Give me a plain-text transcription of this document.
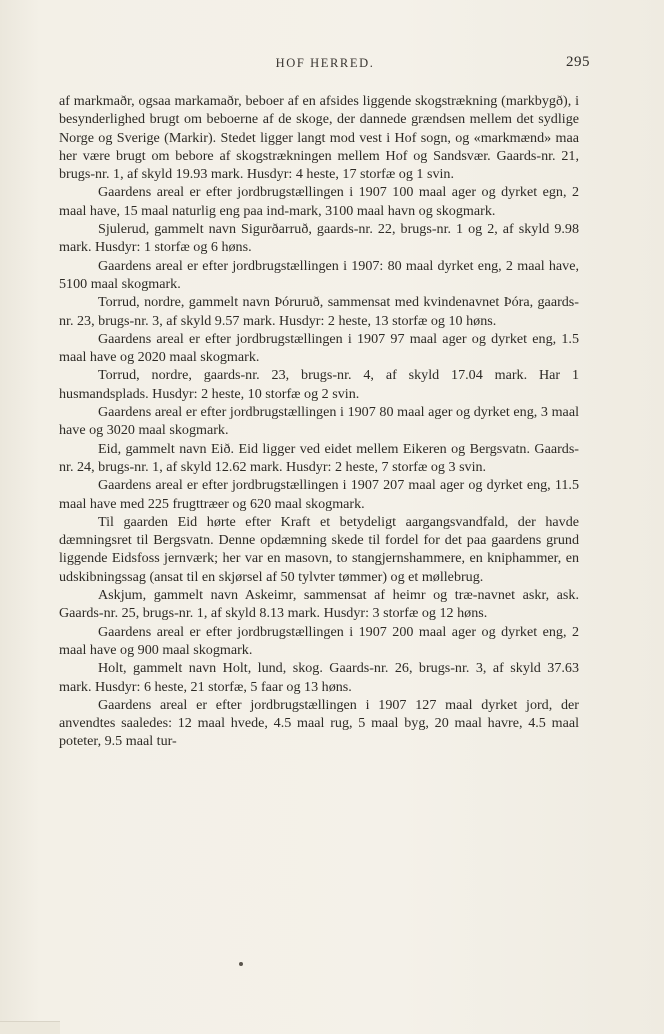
HOF HERRED.	295

af markmaðr, ogsaa markamaðr, beboer af en afsides liggende skogstrækning (markbygð), i besynderlighed brugt om beboerne af de skoge, der dannede grændsen mellem det sydlige Norge og Sverige (Markir). Stedet ligger langt mod vest i Hof sogn, og «markmænd» maa her være brugt om bebore af skogstrækningen mellem Hof og Sandsvær. Gaards-nr. 21, brugs-nr. 1, af skyld 19.93 mark. Husdyr: 4 heste, 17 storfæ og 1 svin.

Gaardens areal er efter jordbrugstællingen i 1907 100 maal ager og dyrket egn, 2 maal have, 15 maal naturlig eng paa ind-mark, 3100 maal havn og skogmark.

Sjulerud, gammelt navn Sigurðarruð, gaards-nr. 22, brugs-nr. 1 og 2, af skyld 9.98 mark. Husdyr: 1 storfæ og 6 høns.

Gaardens areal er efter jordbrugstællingen i 1907: 80 maal dyrket eng, 2 maal have, 5100 maal skogmark.

Torrud, nordre, gammelt navn Þóruruð, sammensat med kvindenavnet Þóra, gaards-nr. 23, brugs-nr. 3, af skyld 9.57 mark. Husdyr: 2 heste, 13 storfæ og 10 høns.

Gaardens areal er efter jordbrugstællingen i 1907 97 maal ager og dyrket eng, 1.5 maal have og 2020 maal skogmark.

Torrud, nordre, gaards-nr. 23, brugs-nr. 4, af skyld 17.04 mark. Har 1 husmandsplads. Husdyr: 2 heste, 10 storfæ og 2 svin.

Gaardens areal er efter jordbrugstællingen i 1907 80 maal ager og dyrket eng, 3 maal have og 3020 maal skogmark.

Eid, gammelt navn Eið. Eid ligger ved eidet mellem Eikeren og Bergsvatn. Gaards-nr. 24, brugs-nr. 1, af skyld 12.62 mark. Husdyr: 2 heste, 7 storfæ og 3 svin.

Gaardens areal er efter jordbrugstællingen i 1907 207 maal ager og dyrket eng, 11.5 maal have med 225 frugttræer og 620 maal skogmark.

Til gaarden Eid hørte efter Kraft et betydeligt aargangsvandfald, der havde dæmningsret til Bergsvatn. Denne opdæmning skede til fordel for det paa gaardens grund liggende Eidsfoss jernværk; her var en masovn, to stangjernshammere, en kniphammer, en udskibningssag (ansat til en skjørsel af 50 tylvter tømmer) og et møllebrug.

Askjum, gammelt navn Askeimr, sammensat af heimr og træ-navnet askr, ask. Gaards-nr. 25, brugs-nr. 1, af skyld 8.13 mark. Husdyr: 3 storfæ og 12 høns.

Gaardens areal er efter jordbrugstællingen i 1907 200 maal ager og dyrket eng, 2 maal have og 900 maal skogmark.

Holt, gammelt navn Holt, lund, skog. Gaards-nr. 26, brugs-nr. 3, af skyld 37.63 mark. Husdyr: 6 heste, 21 storfæ, 5 faar og 13 høns.

Gaardens areal er efter jordbrugstællingen i 1907 127 maal dyrket jord, der anvendtes saaledes: 12 maal hvede, 4.5 maal rug, 5 maal byg, 20 maal havre, 4.5 maal poteter, 9.5 maal tur-
